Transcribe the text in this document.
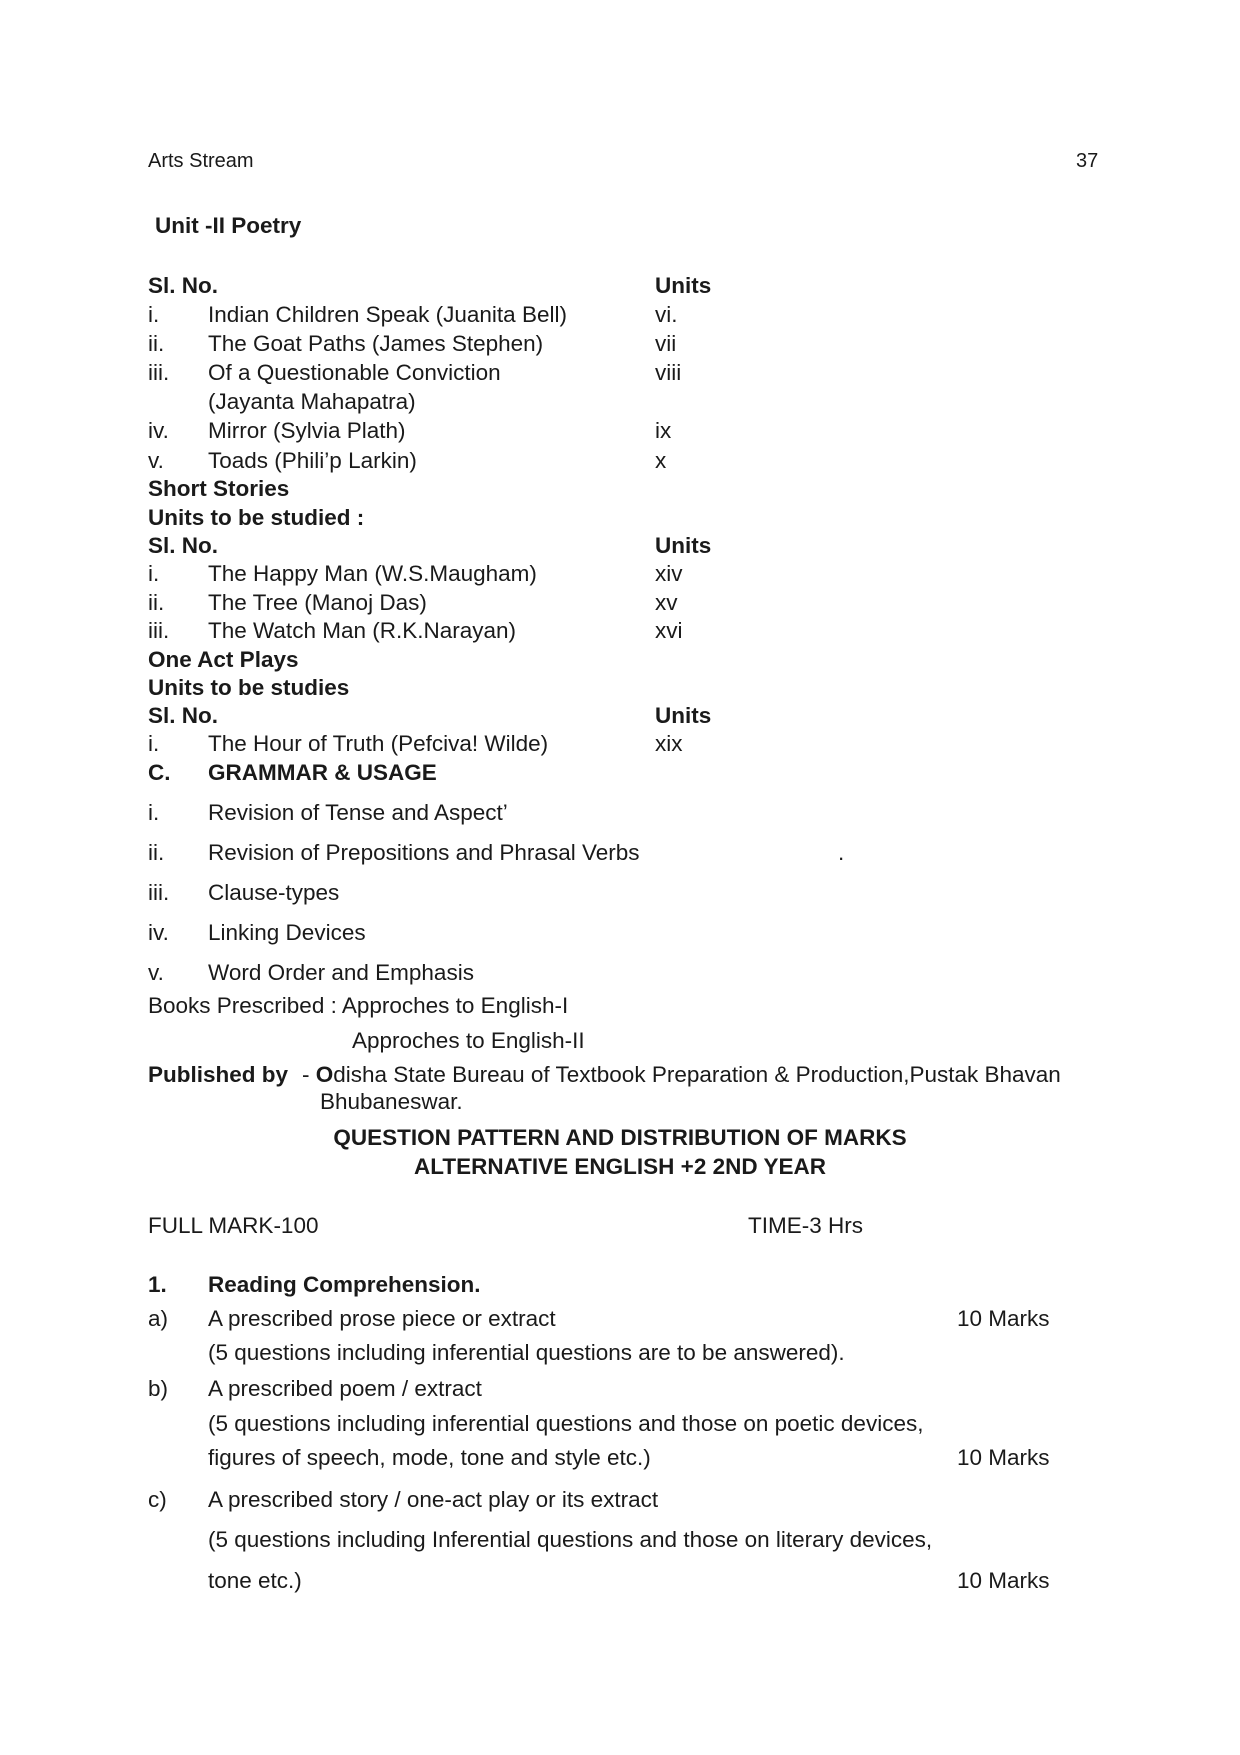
Arts Stream	37
Unit -II Poetry
Sl. No.	Units
i. Indian Children Speak (Juanita Bell)	vi.
ii. The Goat Paths (James Stephen)	vii
iii. Of a Questionable Conviction	viii
(Jayanta Mahapatra)
iv. Mirror (Sylvia Plath)	ix
v. Toads (Phili’p Larkin)	x
Short Stories
Units to be studied :
Sl. No.	Units
i. The Happy Man (W.S.Maugham)	xiv
ii. The Tree (Manoj Das)	xv
iii. The Watch Man (R.K.Narayan)	xvi
One Act Plays
Units to be studies
Sl. No.	Units
i. The Hour of Truth (Pefciva! Wilde)	xix
C. GRAMMAR & USAGE
i. Revision of Tense and Aspect’
ii. Revision of Prepositions and Phrasal Verbs	.
iii. Clause-types
iv. Linking Devices
v. Word Order and Emphasis
Books Prescribed : Approches to English-I
Approches to English-II
Published by - Odisha State Bureau of Textbook Preparation & Production,Pustak Bhavan
Bhubaneswar.
QUESTION PATTERN AND DISTRIBUTION OF MARKS
ALTERNATIVE ENGLISH +2 2ND YEAR
FULL MARK-100	TIME-3 Hrs
1. Reading Comprehension.
a) A prescribed prose piece or extract	10 Marks
(5 questions including inferential questions are to be answered).
b) A prescribed poem / extract
(5 questions including inferential questions and those on poetic devices,
figures of speech, mode, tone and style etc.)	10 Marks
c) A prescribed story / one-act play or its extract
(5 questions including Inferential questions and those on literary devices,
tone etc.)	10 Marks
